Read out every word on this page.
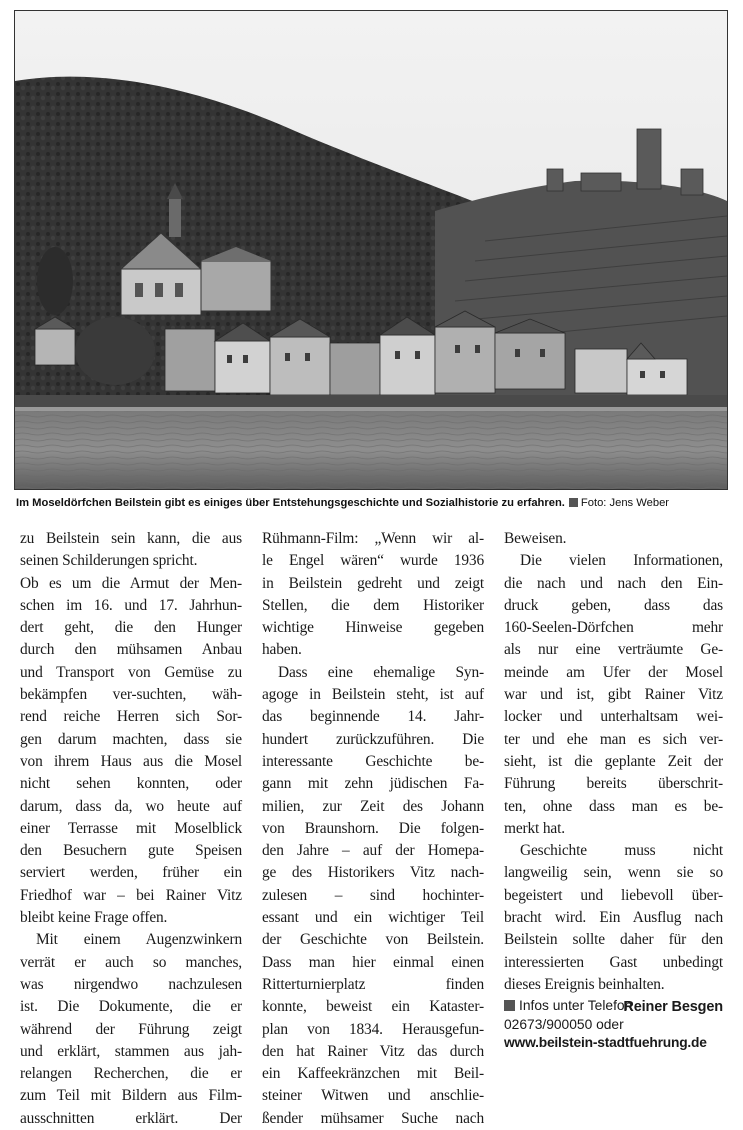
Im Moseldörfchen Beilstein gibt es einiges über Entstehungsgeschichte und Sozialhistorie zu erfahren. Foto: Jens Weber
zu Beilstein sein kann, die aus
seinen Schilderungen spricht.
Ob es um die Armut der Men-
schen im 16. und 17. Jahrhun-
dert geht, die den Hunger
durch den mühsamen Anbau
und Transport von Gemüse zu
bekämpfen ver-suchten, wäh-
rend reiche Herren sich Sor-
gen darum machten, dass sie
von ihrem Haus aus die Mosel
nicht sehen konnten, oder
darum, dass da, wo heute auf
einer Terrasse mit Moselblick
den Besuchern gute Speisen
serviert werden, früher ein
Friedhof war – bei Rainer Vitz
bleibt keine Frage offen.
Mit einem Augenzwinkern
verrät er auch so manches,
was nirgendwo nachzulesen
ist. Die Dokumente, die er
während der Führung zeigt
und erklärt, stammen aus jah-
relangen Recherchen, die er
zum Teil mit Bildern aus Film-
ausschnitten erklärt. Der
Rühmann-Film: „Wenn wir al-
le Engel wären“ wurde 1936
in Beilstein gedreht und zeigt
Stellen, die dem Historiker
wichtige Hinweise gegeben
haben.
Dass eine ehemalige Syn-
agoge in Beilstein steht, ist auf
das beginnende 14. Jahr-
hundert zurückzuführen. Die
interessante Geschichte be-
gann mit zehn jüdischen Fa-
milien, zur Zeit des Johann
von Braunshorn. Die folgen-
den Jahre – auf der Homepa-
ge des Historikers Vitz nach-
zulesen – sind hochinter-
essant und ein wichtiger Teil
der Geschichte von Beilstein.
Dass man hier einmal einen
Ritterturnierplatz finden
konnte, beweist ein Kataster-
plan von 1834. Herausgefun-
den hat Rainer Vitz das durch
ein Kaffeekränzchen mit Beil-
steiner Witwen und anschlie-
ßender mühsamer Suche nach
Beweisen.
Die vielen Informationen,
die nach und nach den Ein-
druck geben, dass das
160-Seelen-Dörfchen mehr
als nur eine verträumte Ge-
meinde am Ufer der Mosel
war und ist, gibt Rainer Vitz
locker und unterhaltsam wei-
ter und ehe man es sich ver-
sieht, ist die geplante Zeit der
Führung bereits überschrit-
ten, ohne dass man es be-
merkt hat.
Geschichte muss nicht
langweilig sein, wenn sie so
begeistert und liebevoll über-
bracht wird. Ein Ausflug nach
Beilstein sollte daher für den
interessierten Gast unbedingt
dieses Ereignis beinhalten.
Reiner Besgen
Infos unter Telefon
02673/900050 oder
www.beilstein-stadtfuehrung.de
